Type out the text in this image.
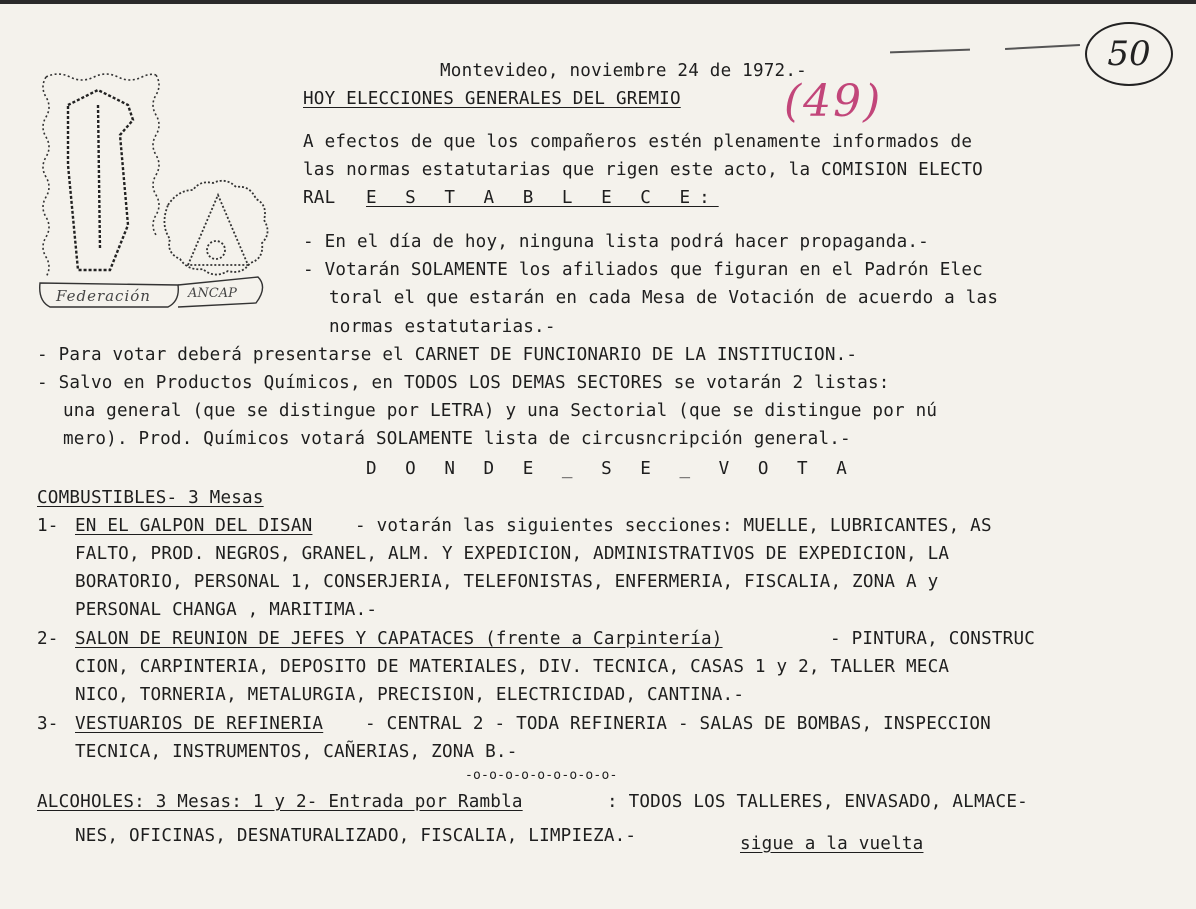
Federación	ANCAP
50
(49)
Montevideo, noviembre 24 de 1972.-
HOY ELECCIONES GENERALES DEL GREMIO
A efectos de que los compañeros estén plenamente informados de
las normas estatutarias que rigen este acto, la COMISION ELECTO
RAL E S T A B L E C E:
- En el día de hoy, ninguna lista podrá hacer propaganda.-
- Votarán SOLAMENTE los afiliados que figuran en el Padrón Elec
toral el que estarán en cada Mesa de Votación de acuerdo a las
normas estatutarias.-
- Para votar deberá presentarse el CARNET DE FUNCIONARIO DE LA INSTITUCION.-
- Salvo en Productos Químicos, en TODOS LOS DEMAS SECTORES se votarán 2 listas:
una general (que se distingue por LETRA) y una Sectorial (que se distingue por nú
mero). Prod. Químicos votará SOLAMENTE lista de circusncripción general.-
D O N D E _ S E _ V O T A
COMBUSTIBLES- 3 Mesas
1- EN EL GALPON DEL DISAN - votarán las siguientes secciones: MUELLE, LUBRICANTES, AS
FALTO, PROD. NEGROS, GRANEL, ALM. Y EXPEDICION, ADMINISTRATIVOS DE EXPEDICION, LA
BORATORIO, PERSONAL 1, CONSERJERIA, TELEFONISTAS, ENFERMERIA, FISCALIA, ZONA A y
PERSONAL CHANGA , MARITIMA.-
2- SALON DE REUNION DE JEFES Y CAPATACES (frente a Carpintería)	- PINTURA, CONSTRUC
CION, CARPINTERIA, DEPOSITO DE MATERIALES, DIV. TECNICA, CASAS 1 y 2, TALLER MECA
NICO, TORNERIA, METALURGIA, PRECISION, ELECTRICIDAD, CANTINA.-
3- VESTUARIOS DE REFINERIA - CENTRAL 2 - TODA REFINERIA - SALAS DE BOMBAS, INSPECCION
TECNICA, INSTRUMENTOS, CAÑERIAS, ZONA B.-
-o-o-o-o-o-o-o-o-o-
ALCOHOLES: 3 Mesas: 1 y 2- Entrada por Rambla	: TODOS LOS TALLERES, ENVASADO, ALMACE-
NES, OFICINAS, DESNATURALIZADO, FISCALIA, LIMPIEZA.-	sigue a la vuelta
